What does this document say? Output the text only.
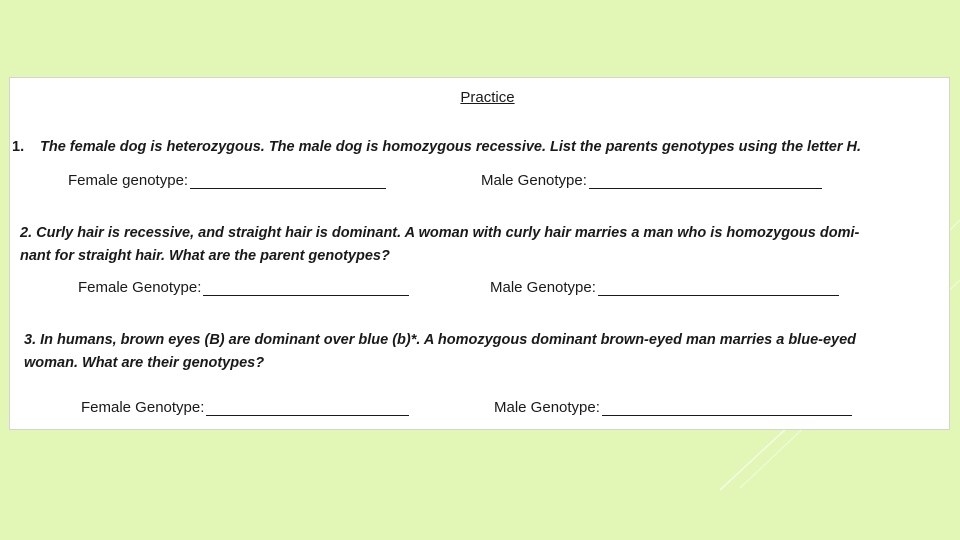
Practice
1. The female dog is heterozygous. The male dog is homozygous recessive. List the parents genotypes using the letter H.
Female genotype:	Male Genotype:
2. Curly hair is recessive, and straight hair is dominant. A woman with curly hair marries a man who is homozygous domi-
nant for straight hair. What are the parent genotypes?
Female Genotype:	Male Genotype:
3. In humans, brown eyes (B) are dominant over blue (b)*. A homozygous dominant brown-eyed man marries a blue-eyed
woman. What are their genotypes?
Female Genotype:	Male Genotype:
